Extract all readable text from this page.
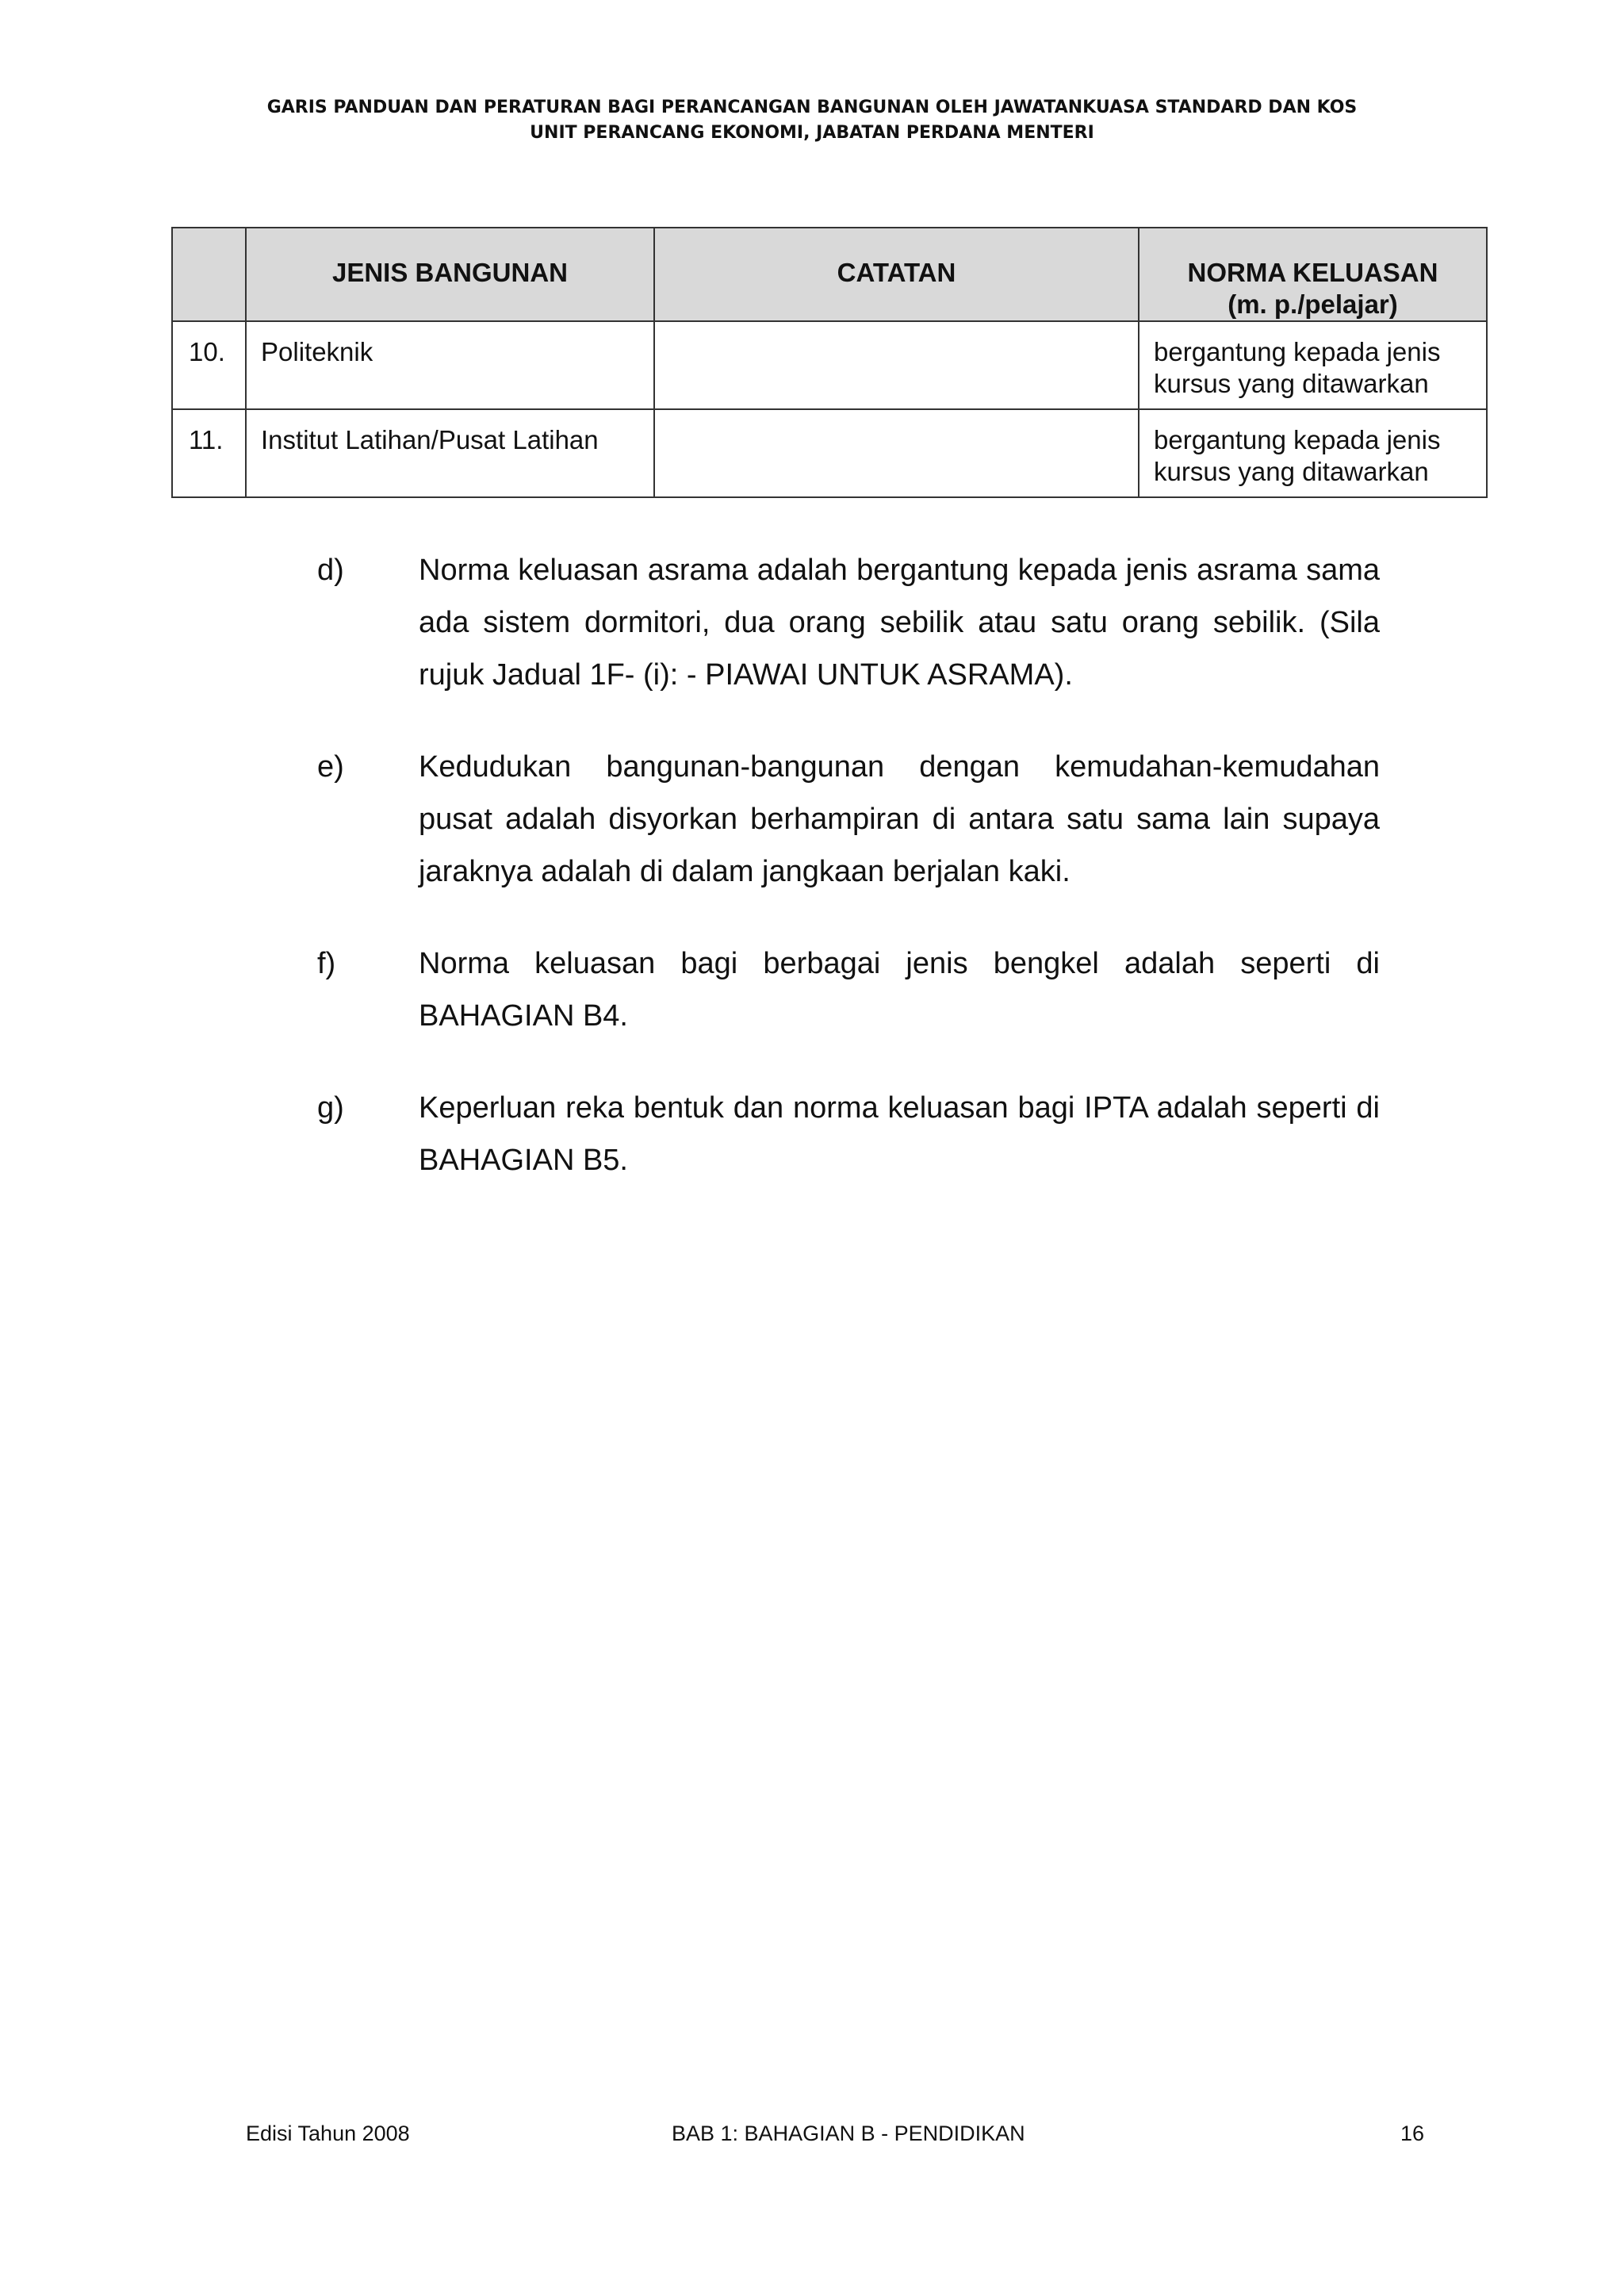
GARIS PANDUAN DAN PERATURAN BAGI PERANCANGAN BANGUNAN OLEH JAWATANKUASA STANDARD DAN KOS
UNIT PERANCANG EKONOMI, JABATAN PERDANA MENTERI
	JENIS BANGUNAN	CATATAN	NORMA KELUASAN
(m. p./pelajar)

10.	Politeknik		bergantung kepada jenis
kursus yang ditawarkan

11.	Institut Latihan/Pusat Latihan		bergantung kepada jenis
kursus yang ditawarkan
d)	Norma keluasan asrama adalah bergantung kepada jenis asrama sama ada sistem dormitori, dua orang sebilik atau satu orang sebilik. (Sila rujuk Jadual 1F- (i): - PIAWAI UNTUK ASRAMA).
e)	Kedudukan bangunan-bangunan dengan kemudahan-kemudahan pusat adalah disyorkan berhampiran di antara satu sama lain supaya jaraknya adalah di dalam jangkaan berjalan kaki.
f)	Norma keluasan bagi berbagai jenis bengkel adalah seperti di BAHAGIAN B4.
g)	Keperluan reka bentuk dan norma keluasan bagi IPTA adalah seperti di BAHAGIAN B5.
Edisi Tahun 2008	BAB 1: BAHAGIAN B - PENDIDIKAN	16
